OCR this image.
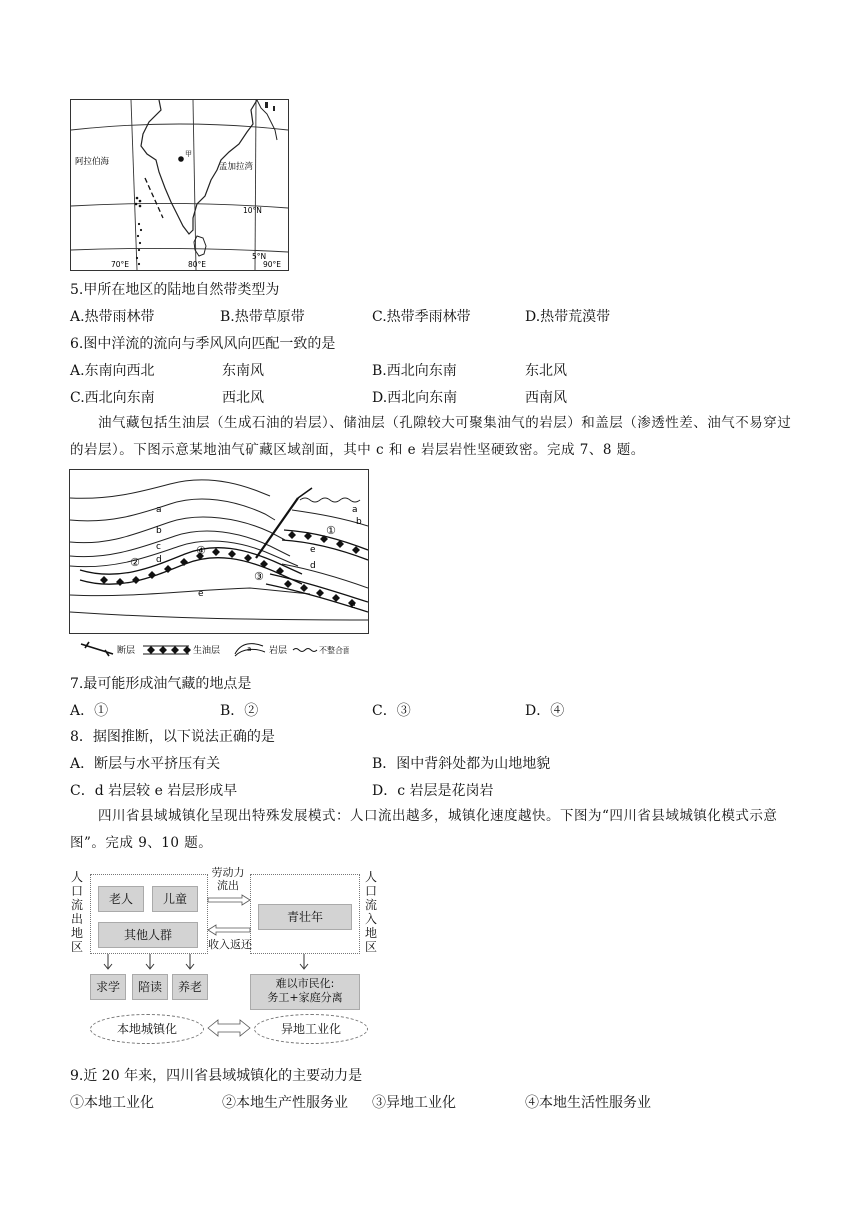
甲
阿拉伯海	孟加拉湾
10°N
5°N
70°E	80°E	90°E
5.甲所在地区的陆地自然带类型为
A.热带雨林带	B.热带草原带	C.热带季雨林带	D.热带荒漠带
6.图中洋流的流向与季风风向匹配一致的是
A.东南向西北	东南风	B.西北向东南	东北风
C.西北向东南	西北风	D.西北向东南	西南风
油气藏包括生油层（生成石油的岩层）、储油层（孔隙较大可聚集油气的岩层）和盖层（渗透性差、油气不易穿过的岩层）。下图示意某地油气矿藏区域剖面，其中 c 和 e 岩层岩性坚硬致密。完成 7、8 题。
a
b
c
d
e
a
b
e
d
e
①
②
③
④
断层	生油层	a 岩层	不整合面
7.最可能形成油气藏的地点是
A．①	B．②	C．③	D．④
8．据图推断，以下说法正确的是
A．断层与水平挤压有关	B．图中背斜处都为山地地貌
C．d 岩层较 e 岩层形成早	D．c 岩层是花岗岩
四川省县域城镇化呈现出特殊发展模式：人口流出越多，城镇化速度越快。下图为“四川省县域城镇化模式示意图”。完成 9、10 题。
人口流出地区
人口流入地区
老人	儿童
其他人群
青壮年
劳动力流出
收入返还
求学	陪读	养老	难以市民化:
务工+家庭分离
本地城镇化	异地工业化
9.近 20 年来，四川省县域城镇化的主要动力是
①本地工业化	②本地生产性服务业 ③异地工业化	④本地生活性服务业
